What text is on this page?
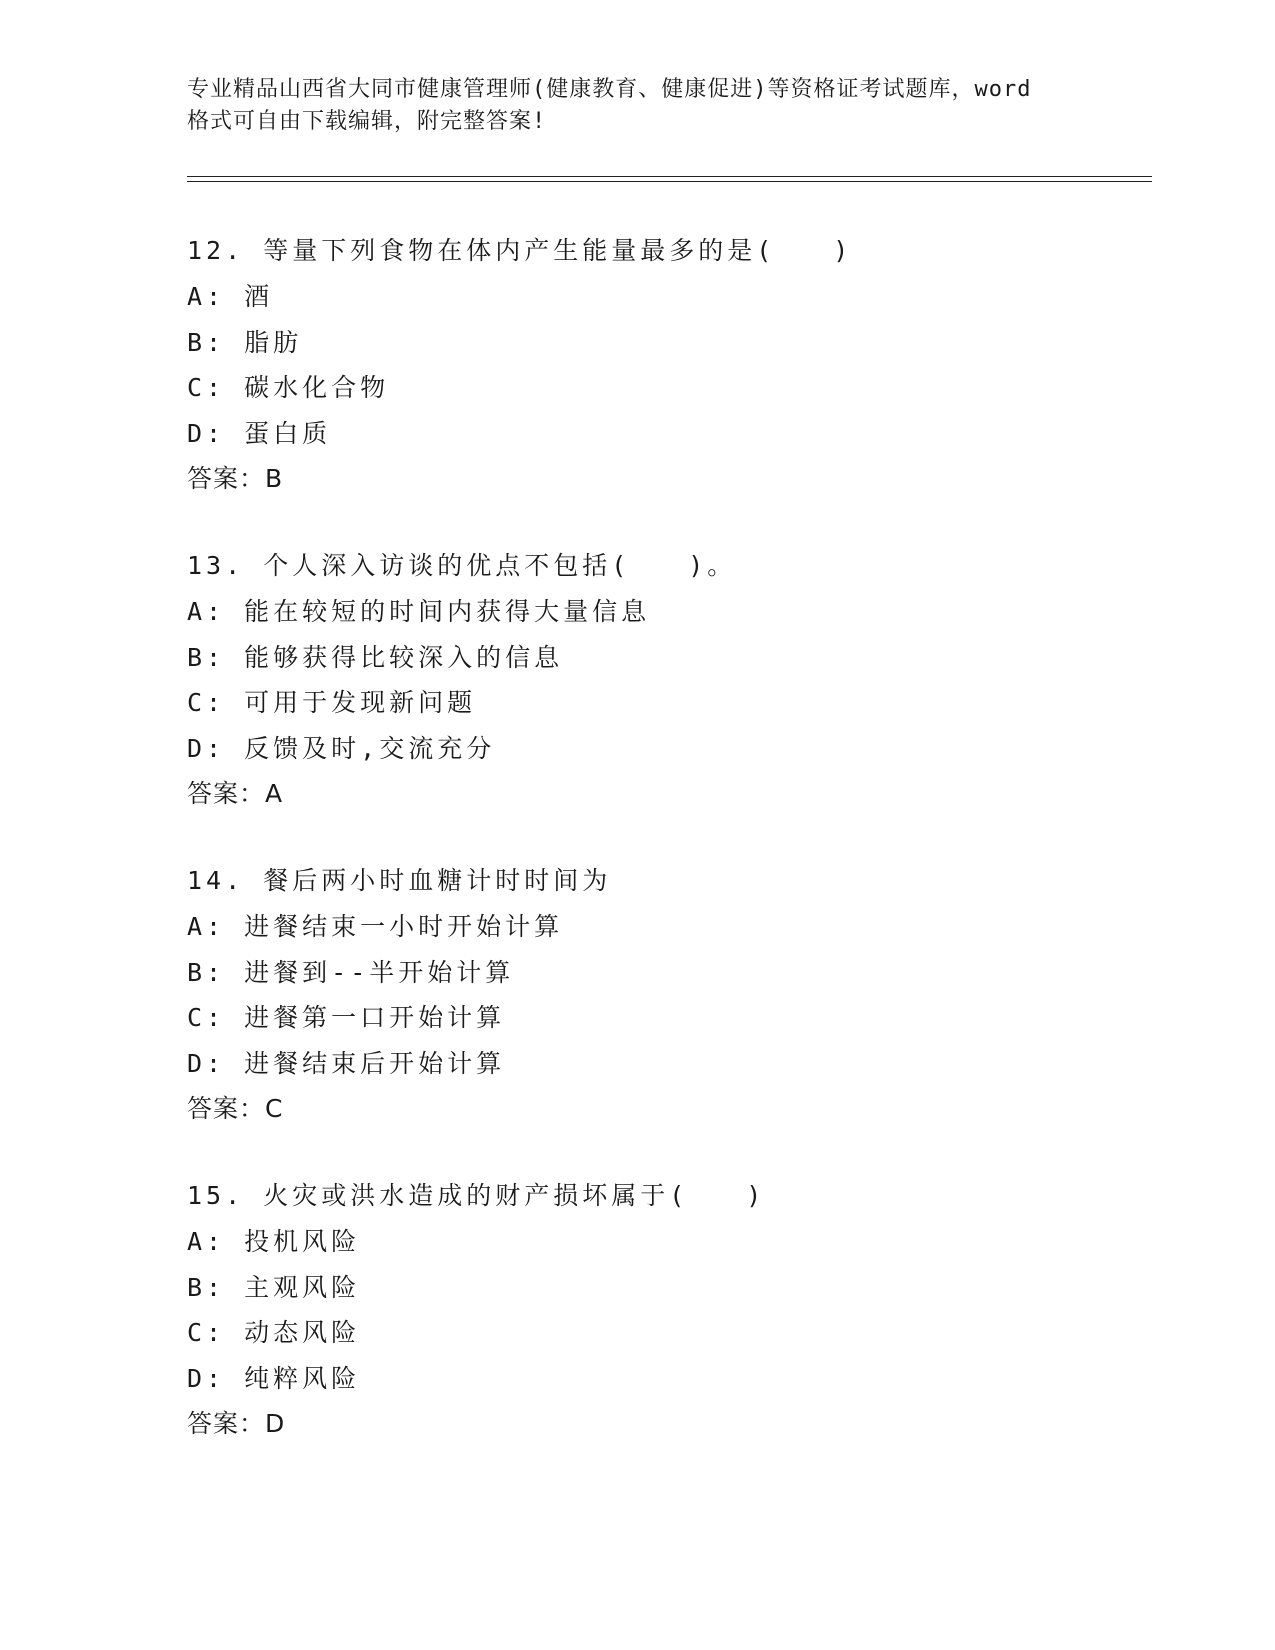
专业精品山西省大同市健康管理师(健康教育、健康促进)等资格证考试题库，word
格式可自由下载编辑，附完整答案!
12. 等量下列食物在体内产生能量最多的是(　　)
A: 酒
B: 脂肪
C: 碳水化合物
D: 蛋白质
答案：B
13. 个人深入访谈的优点不包括(　　)。
A: 能在较短的时间内获得大量信息
B: 能够获得比较深入的信息
C: 可用于发现新问题
D: 反馈及时,交流充分
答案：A
14. 餐后两小时血糖计时时间为
A: 进餐结束一小时开始计算
B: 进餐到--半开始计算
C: 进餐第一口开始计算
D: 进餐结束后开始计算
答案：C
15. 火灾或洪水造成的财产损坏属于(　　)
A: 投机风险
B: 主观风险
C: 动态风险
D: 纯粹风险
答案：D
